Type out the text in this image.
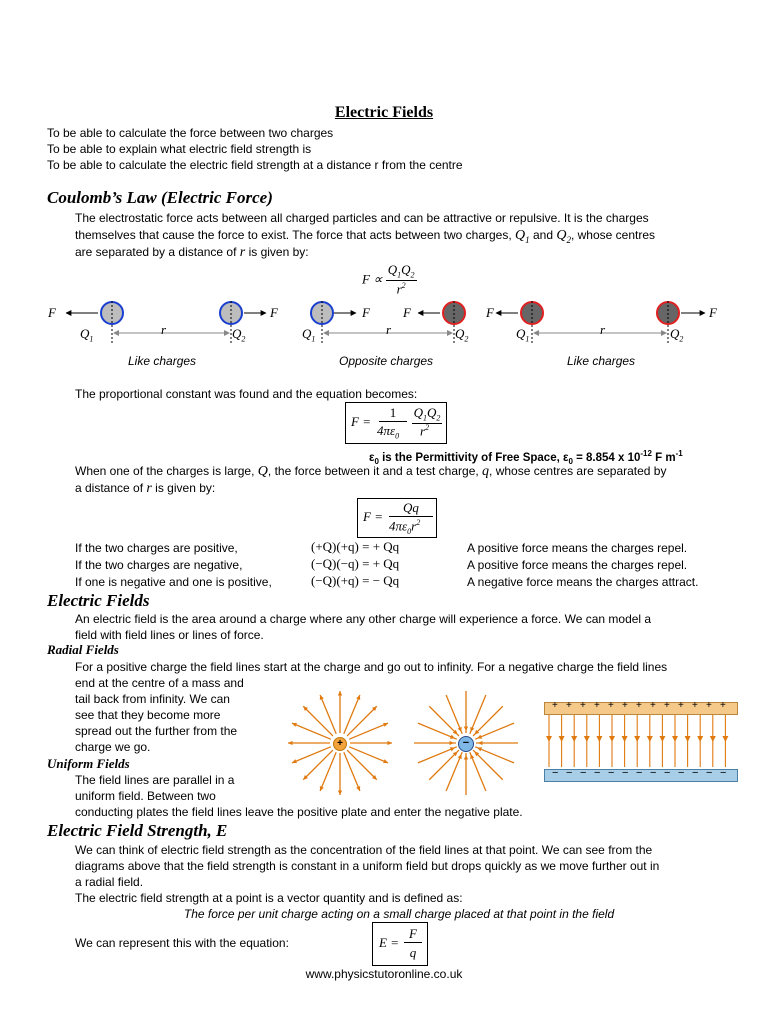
Electric Fields
To be able to calculate the force between two charges
To be able to explain what electric field strength is
To be able to calculate the electric field strength at a distance r from the centre
Coulomb’s Law (Electric Force)
The electrostatic force acts between all charged particles and can be attractive or repulsive. It is the charges
themselves that cause the force to exist. The force that acts between two charges, $Q_1$ and $Q_2$, whose centres
are separated by a distance of r is given by:
$F \propto \frac{Q_1Q_2}{r^2}$
F	F	F	F	F	F
$Q_1$	$Q_2$
r	$Q_1$	$Q_2$
r	$Q_1$	$Q_2$
r
Like charges	Opposite charges	Like charges
The proportional constant was found and the equation becomes:
F =
1
$4\pi\varepsilon_0$
$Q_1Q_2$
$r^2$
$\varepsilon_0$ is the Permittivity of Free Space, $\varepsilon_0 = 8.854$ x $10^{-12}$ F $m^{-1}$
When one of the charges is large, Q, the force between it and a test charge, q, whose centres are separated by
a distance of r is given by:
F =
Qq
$4\pi\varepsilon_0r^2$
If the two charges are positive,	(+Q)(+q) = + Qq	A positive force means the charges repel.
If the two charges are negative,	(−Q)(−q) = + Qq	A positive force means the charges repel.
If one is negative and one is positive,	(−Q)(+q) = − Qq	A negative force means the charges attract.
Electric Fields
An electric field is the area around a charge where any other charge will experience a force. We can model a
field with field lines or lines of force.
Radial Fields
For a positive charge the field lines start at the charge and go out to infinity. For a negative charge the field lines
end at the centre of a mass and
tail back from infinity. We can
see that they become more
spread out the further from the
charge we go.
Uniform Fields
The field lines are parallel in a
uniform field. Between two
conducting plates the field lines leave the positive plate and enter the negative plate.
+	−
+ + + + + + + + + + + + +
− − − − − − − − − − − − −
Electric Field Strength, E
We can think of electric field strength as the concentration of the field lines at that point. We can see from the
diagrams above that the field strength is constant in a uniform field but drops quickly as we move further out in
a radial field.
The electric field strength at a point is a vector quantity and is defined as:
The force per unit charge acting on a small charge placed at that point in the field
We can represent this with the equation:	E =
F
q
www.physicstutoronline.co.uk
